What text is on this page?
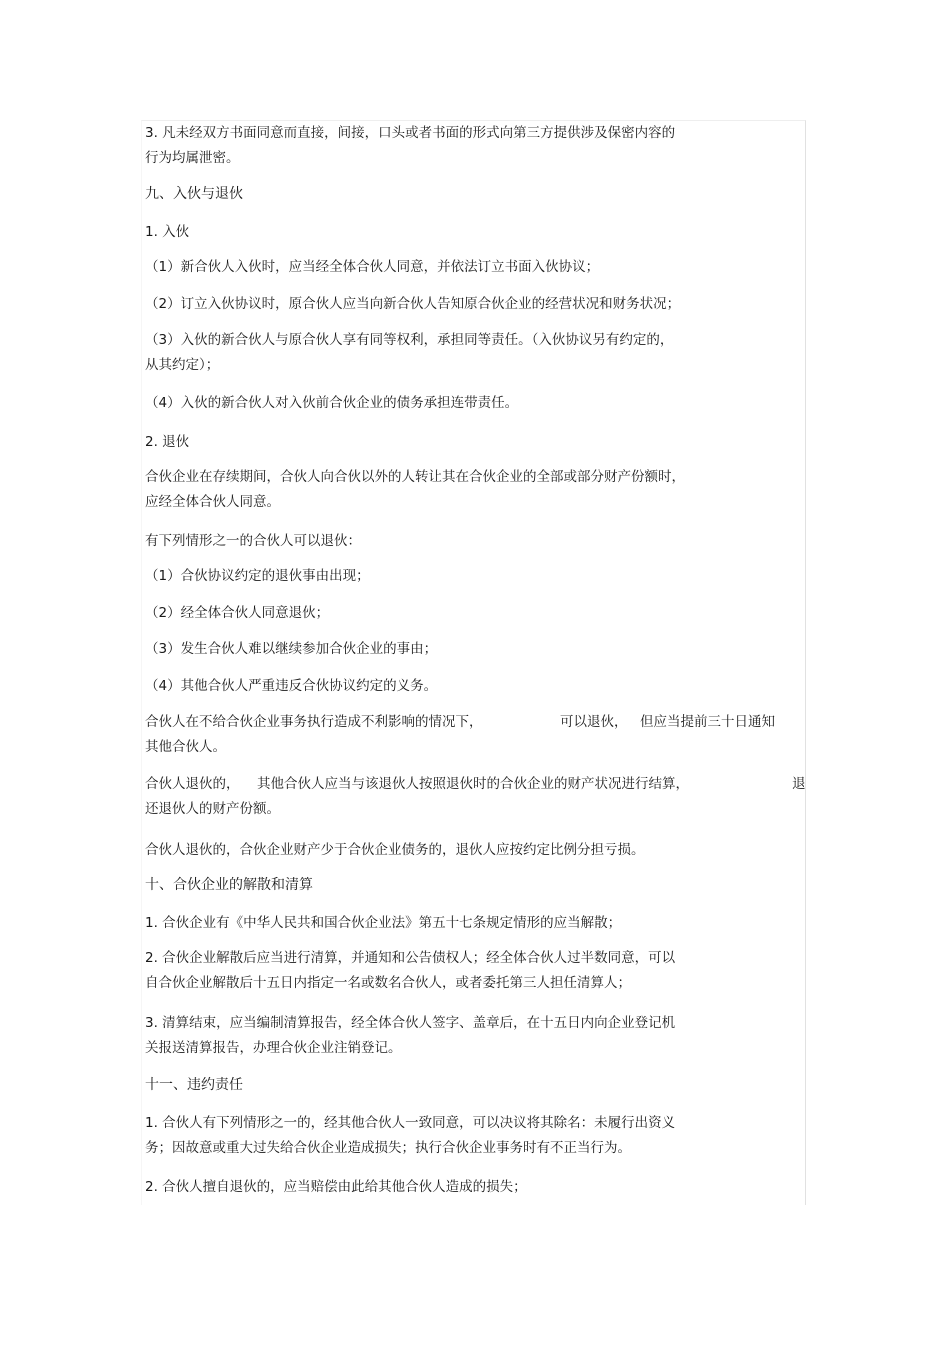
3. 凡未经双方书面同意而直接，间接，口头或者书面的形式向第三方提供涉及保密内容的
行为均属泄密。
九、入伙与退伙
1. 入伙
（1）新合伙人入伙时，应当经全体合伙人同意，并依法订立书面入伙协议；
（2）订立入伙协议时，原合伙人应当向新合伙人告知原合伙企业的经营状况和财务状况；
（3）入伙的新合伙人与原合伙人享有同等权利，承担同等责任。（入伙协议另有约定的，
从其约定）；
（4）入伙的新合伙人对入伙前合伙企业的债务承担连带责任。
2. 退伙
合伙企业在存续期间，合伙人向合伙以外的人转让其在合伙企业的全部或部分财产份额时，
应经全体合伙人同意。
有下列情形之一的合伙人可以退伙：
（1）合伙协议约定的退伙事由出现；
（2）经全体合伙人同意退伙；
（3）发生合伙人难以继续参加合伙企业的事由；
（4）其他合伙人严重违反合伙协议约定的义务。
合伙人在不给合伙企业事务执行造成不利影响的情况下，	可以退伙， 但应当提前三十日通知
其他合伙人。
合伙人退伙的， 其他合伙人应当与该退伙人按照退伙时的合伙企业的财产状况进行结算，	退
还退伙人的财产份额。
合伙人退伙的，合伙企业财产少于合伙企业债务的，退伙人应按约定比例分担亏损。
十、合伙企业的解散和清算
1. 合伙企业有《中华人民共和国合伙企业法》第五十七条规定情形的应当解散；
2. 合伙企业解散后应当进行清算，并通知和公告债权人；经全体合伙人过半数同意，可以
自合伙企业解散后十五日内指定一名或数名合伙人，或者委托第三人担任清算人；
3. 清算结束，应当编制清算报告，经全体合伙人签字、盖章后，在十五日内向企业登记机
关报送清算报告，办理合伙企业注销登记。
十一、违约责任
1. 合伙人有下列情形之一的，经其他合伙人一致同意，可以决议将其除名：未履行出资义
务；因故意或重大过失给合伙企业造成损失；执行合伙企业事务时有不正当行为。
2. 合伙人擅自退伙的，应当赔偿由此给其他合伙人造成的损失；
